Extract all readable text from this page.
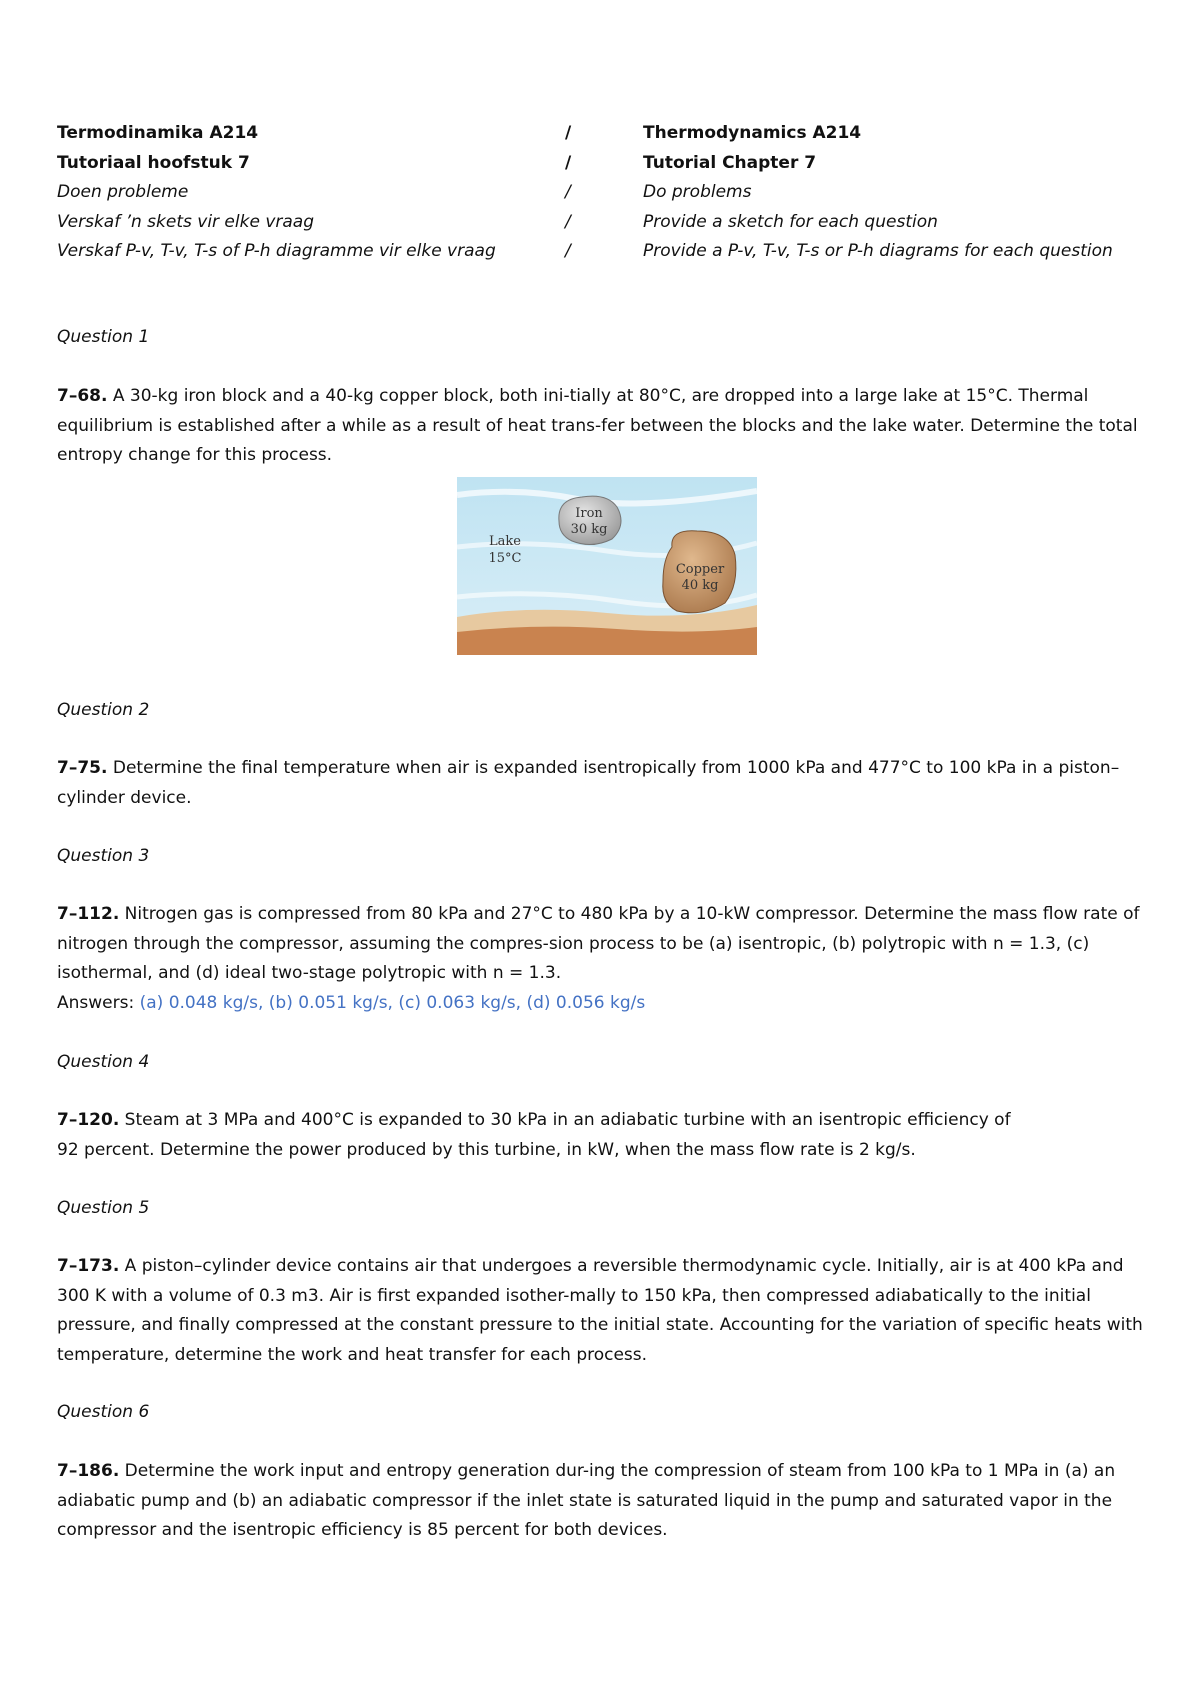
Termodinamika A214	/	Thermodynamics A214
Tutoriaal hoofstuk 7	/	Tutorial Chapter 7
Doen probleme	/	Do problems
Verskaf ’n skets vir elke vraag	/	Provide a sketch for each question
Verskaf P-v, T-v, T-s of P-h diagramme vir elke vraag	/	Provide a P-v, T-v, T-s or P-h diagrams for each question
Question 1
7–68. A 30-kg iron block and a 40-kg copper block, both ini-tially at 80°C, are dropped into a large lake at 15°C. Thermal equilibrium is established after a while as a result of heat trans-fer between the blocks and the lake water. Determine the total entropy change for this process.
Lake
15°C
Iron
30 kg
Copper
40 kg
Question 2
7–75. Determine the final temperature when air is expanded isentropically from 1000 kPa and 477°C to 100 kPa in a piston– cylinder device.
Question 3
7–112. Nitrogen gas is compressed from 80 kPa and 27°C to 480 kPa by a 10-kW compressor. Determine the mass flow rate of nitrogen through the compressor, assuming the compres-sion process to be (a) isentropic, (b) polytropic with n = 1.3, (c) isothermal, and (d) ideal two-stage polytropic with n = 1.3.
Answers: (a) 0.048 kg/s, (b) 0.051 kg/s, (c) 0.063 kg/s, (d) 0.056 kg/s
Question 4
7–120. Steam at 3 MPa and 400°C is expanded to 30 kPa in an adiabatic turbine with an isentropic efficiency of
92 percent. Determine the power produced by this turbine, in kW, when the mass flow rate is 2 kg/s.
Question 5
7–173. A piston–cylinder device contains air that undergoes a reversible thermodynamic cycle. Initially, air is at 400 kPa and 300 K with a volume of 0.3 m3. Air is first expanded isother-mally to 150 kPa, then compressed adiabatically to the initial pressure, and finally compressed at the constant pressure to the initial state. Accounting for the variation of specific heats with temperature, determine the work and heat transfer for each process.
Question 6
7–186. Determine the work input and entropy generation dur-ing the compression of steam from 100 kPa to 1 MPa in (a) an adiabatic pump and (b) an adiabatic compressor if the inlet state is saturated liquid in the pump and saturated vapor in the compressor and the isentropic efficiency is 85 percent for both devices.
